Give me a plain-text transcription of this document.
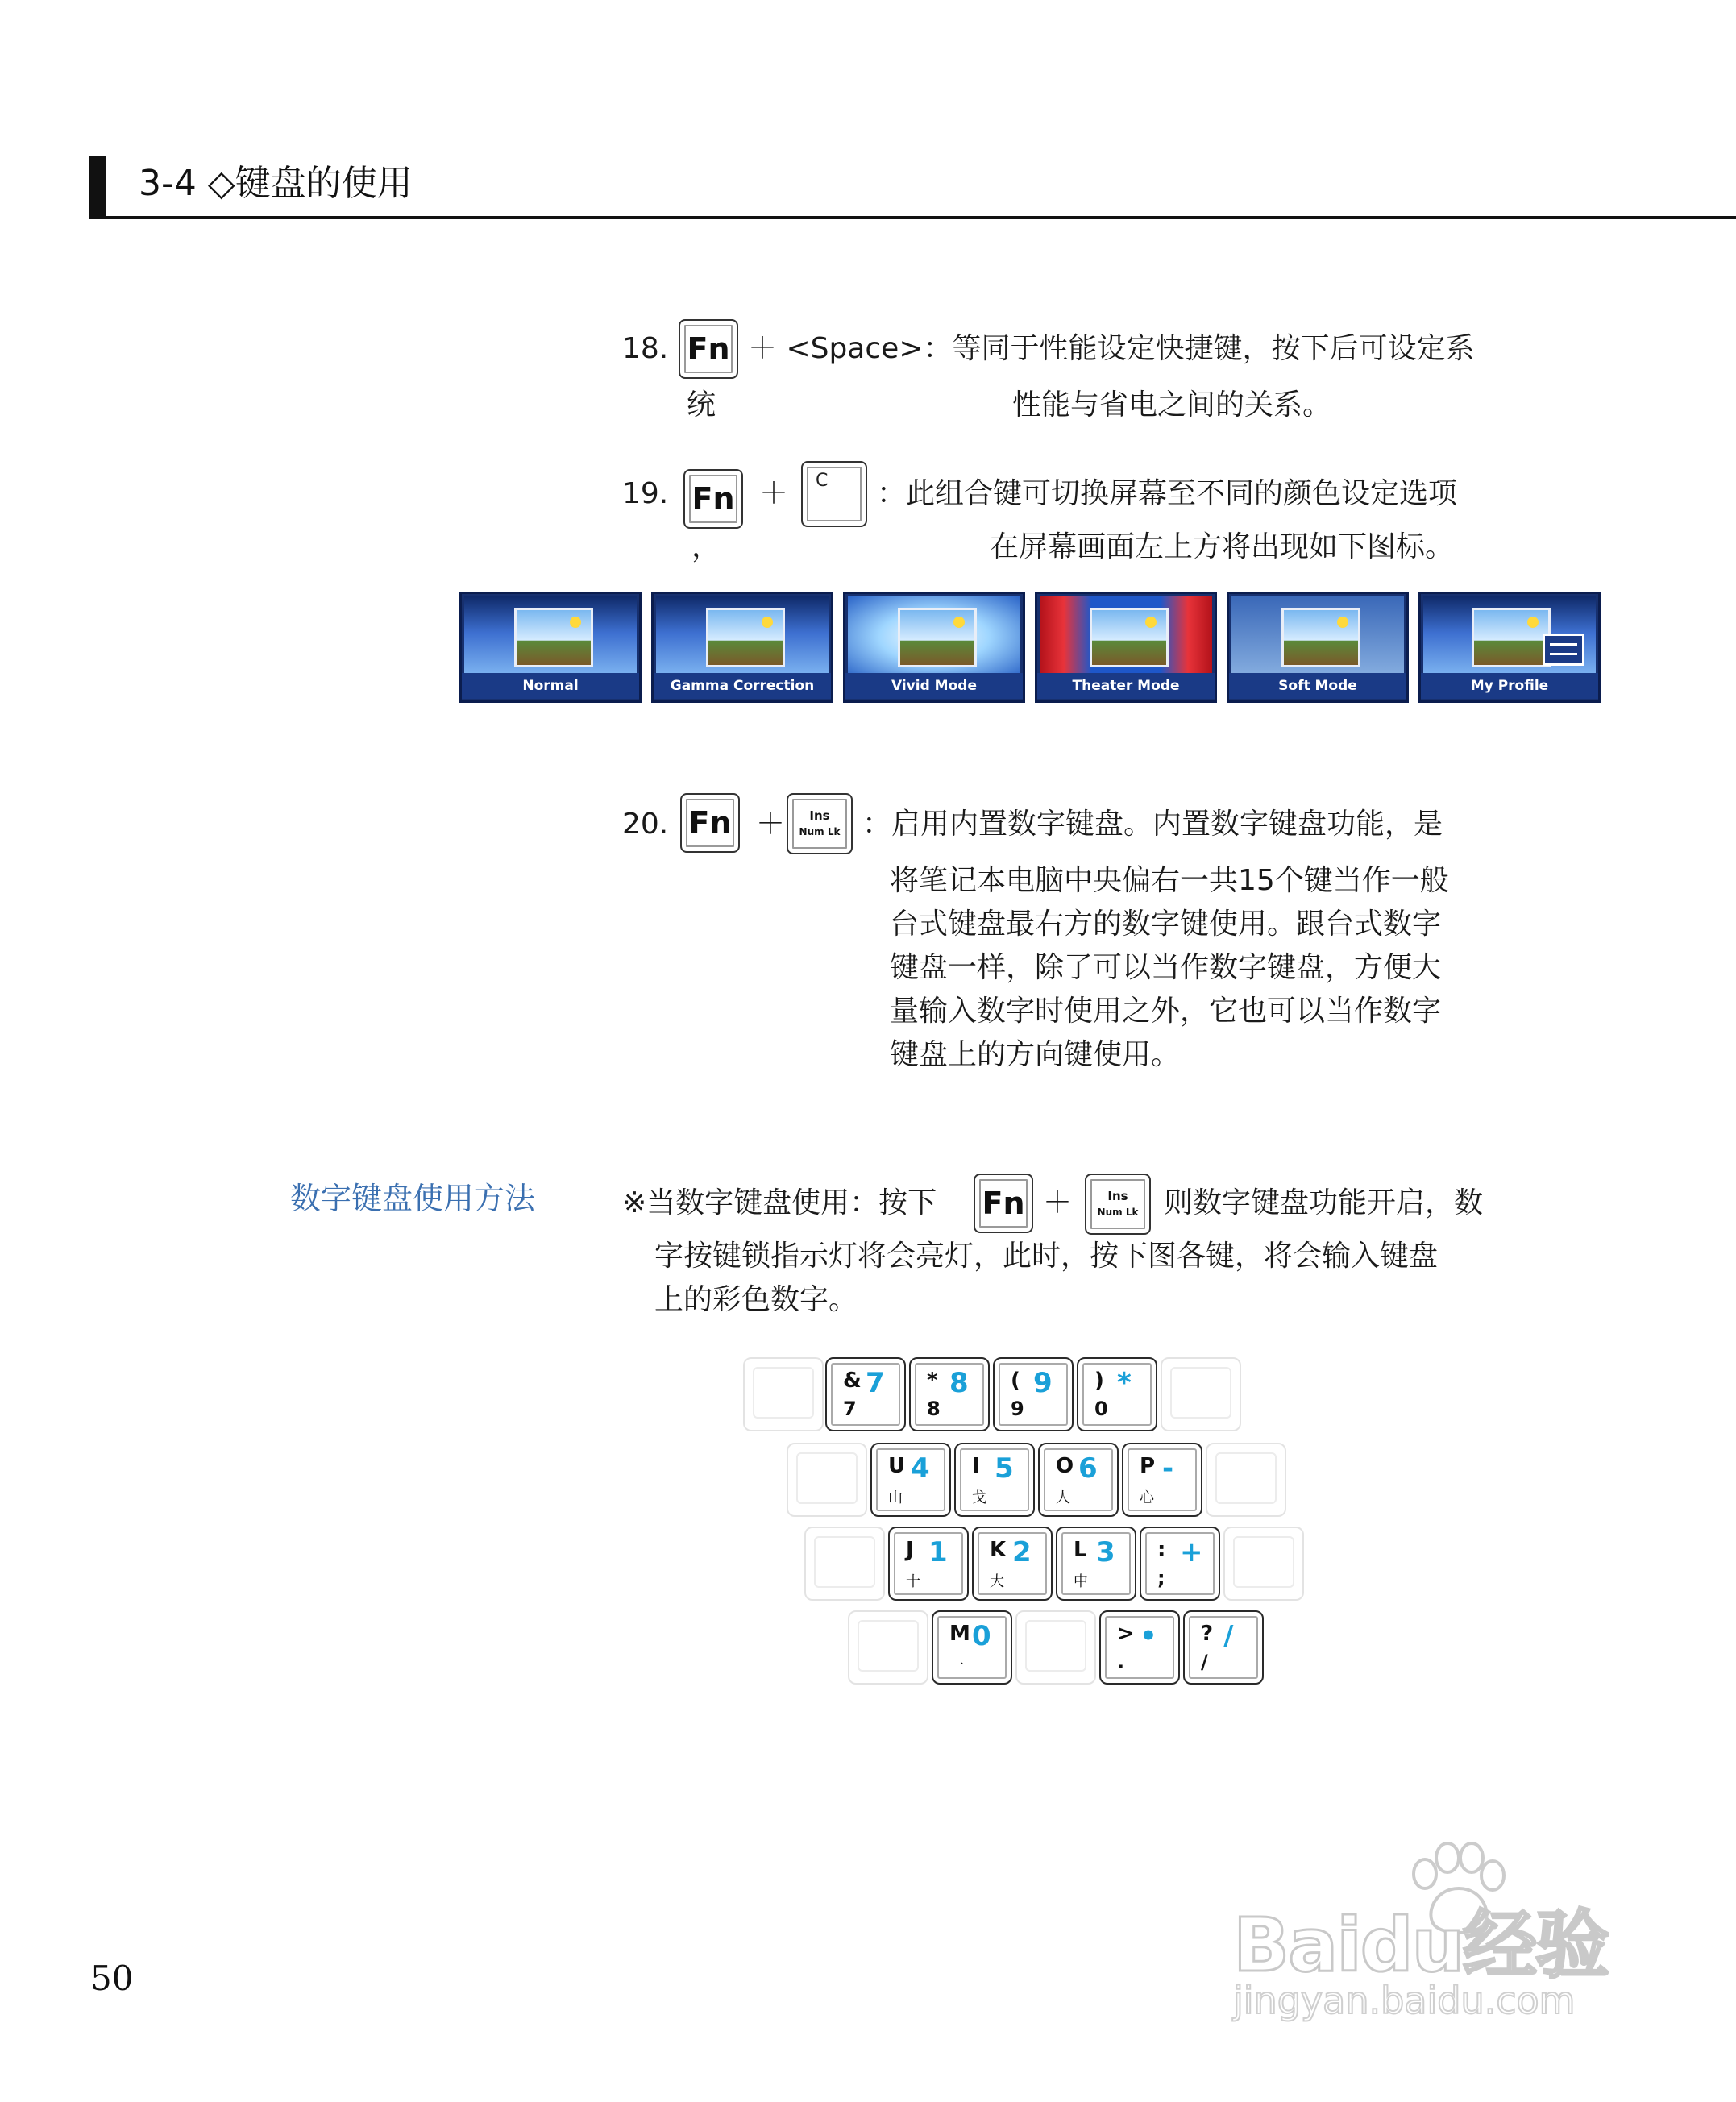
3-4 ◇键盘的使用
18. Fn ＋ <Space>：等同于性能设定快捷键，按下后可设定系
统	性能与省电之间的关系。
19. Fn ＋ C ：此组合键可切换屏幕至不同的颜色设定选项
，	在屏幕画面左上方将出现如下图标。
Normal	Gamma Correction	Vivid Mode	Theater Mode	Soft Mode	My Profile
20. Fn ＋ Ins
Num Lk ：启用内置数字键盘。内置数字键盘功能，是
将笔记本电脑中央偏右一共15个键当作一般
台式键盘最右方的数字键使用。跟台式数字
键盘一样，除了可以当作数字键盘，方便大
量输入数字时使用之外，它也可以当作数字
键盘上的方向键使用。
数字键盘使用方法	※当数字键盘使用：按下 Fn ＋	Ins
Num Lk 则数字键盘功能开启，数
字按键锁指示灯将会亮灯，此时，按下图各键，将会输入键盘
上的彩色数字。
& 7
7
* 8
8
( 9
9
) *
0
U 4
山
I 5
戈
O 6
人
P -
心
J 1
十
K 2
大
L 3
中
: +
;
M 0
一
> •
.
? /
/
50	Baidu经验
jingyan.baidu.com
